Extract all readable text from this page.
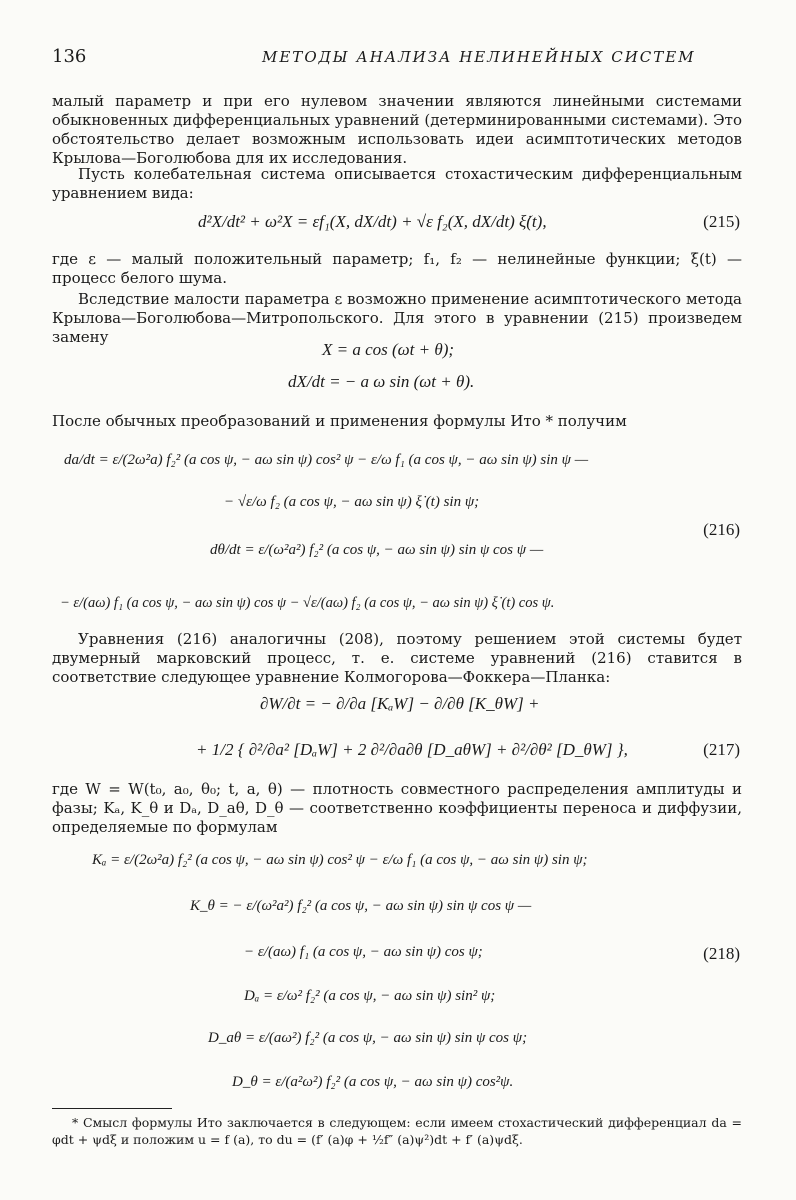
136	МЕТОДЫ АНАЛИЗА НЕЛИНЕЙНЫХ СИСТЕМ
малый параметр и при его нулевом значении являются линейными системами обыкновенных дифференциальных уравнений (детерминированными системами). Это обстоятельство делает возможным использовать идеи асимптотических методов Крылова—Боголюбова для их исследования.
Пусть колебательная система описывается стохастическим дифференциальным уравнением вида:
d²X/dt² + ω²X = εf₁(X, dX/dt) + √ε f₂(X, dX/dt) ξ̇(t),	(215)
где ε — малый положительный параметр; f₁, f₂ — нелинейные функции; ξ̇(t) — процесс белого шума.
Вследствие малости параметра ε возможно применение асимптотического метода Крылова—Боголюбова—Митропольского. Для этого в уравнении (215) произведем замену
X = a cos (ωt + θ);
dX/dt = − a ω sin (ωt + θ).
После обычных преобразований и применения формулы Ито * получим
da/dt = ε/(2ω²a) f₂² (a cos ψ, − aω sin ψ) cos² ψ − ε/ω f₁ (a cos ψ, − aω sin ψ) sin ψ —
− √ε/ω f₂ (a cos ψ, − aω sin ψ) ξ̇ (t) sin ψ;
dθ/dt = ε/(ω²a²) f₂² (a cos ψ, − aω sin ψ) sin ψ cos ψ —
(216)
− ε/(aω) f₁ (a cos ψ, − aω sin ψ) cos ψ − √ε/(aω) f₂ (a cos ψ, − aω sin ψ) ξ̇ (t) cos ψ.
Уравнения (216) аналогичны (208), поэтому решением этой системы будет двумерный марковский процесс, т. е. системе уравнений (216) ставится в соответствие следующее уравнение Колмогорова—Фоккера—Планка:
∂W/∂t = − ∂/∂a [KₐW] − ∂/∂θ [K_θW] +
+ 1/2 { ∂²/∂a² [DₐW] + 2 ∂²/∂a∂θ [D_aθW] + ∂²/∂θ² [D_θW] },	(217)
где W = W(t₀, a₀, θ₀; t, a, θ) — плотность совместного распределения амплитуды и фазы; Kₐ, K_θ и Dₐ, D_aθ, D_θ — соответственно коэффициенты переноса и диффузии, определяемые по формулам
Kₐ = ε/(2ω²a) f₂² (a cos ψ, − aω sin ψ) cos² ψ − ε/ω f₁ (a cos ψ, − aω sin ψ) sin ψ;
K_θ = − ε/(ω²a²) f₂² (a cos ψ, − aω sin ψ) sin ψ cos ψ —
− ε/(aω) f₁ (a cos ψ, − aω sin ψ) cos ψ;	(218)
Dₐ = ε/ω² f₂² (a cos ψ, − aω sin ψ) sin² ψ;
D_aθ = ε/(aω²) f₂² (a cos ψ, − aω sin ψ) sin ψ cos ψ;
D_θ = ε/(a²ω²) f₂² (a cos ψ, − aω sin ψ) cos²ψ.
* Смысл формулы Ито заключается в следующем: если имеем стохастический дифференциал da = φdt + ψdξ и положим u = f (a), то du = (f′ (a)φ + ½f″ (a)ψ²)dt + f′ (a)ψdξ.
